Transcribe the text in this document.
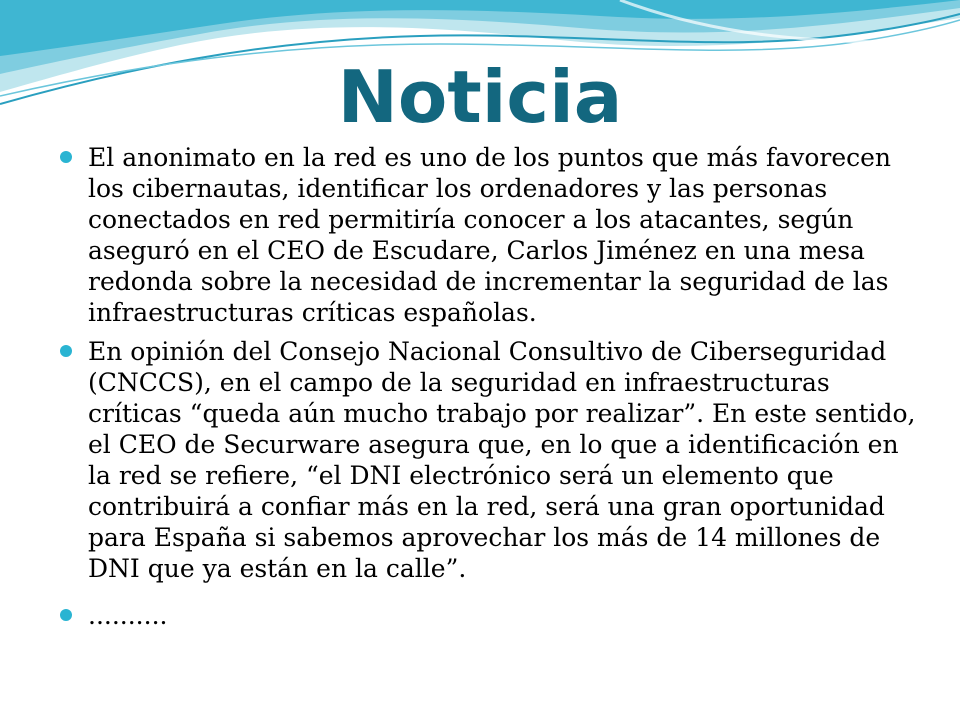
Noticia
El anonimato en la red es uno de los puntos que más favorecen los cibernautas, identificar los ordenadores y las personas conectados en red permitiría conocer a los atacantes, según aseguró en el CEO de Escudare, Carlos Jiménez en una mesa redonda sobre la necesidad de incrementar la seguridad de las infraestructuras críticas españolas.
En opinión del Consejo Nacional Consultivo de Ciberseguridad (CNCCS), en el campo de la seguridad en infraestructuras críticas “queda aún mucho trabajo por realizar”. En este sentido, el CEO de Securware asegura que, en lo que a identificación en la red se refiere, “el DNI electrónico será un elemento que contribuirá a confiar más en la red, será una gran oportunidad para España si sabemos aprovechar los más de 14 millones de DNI que ya están en la calle”.
..........
